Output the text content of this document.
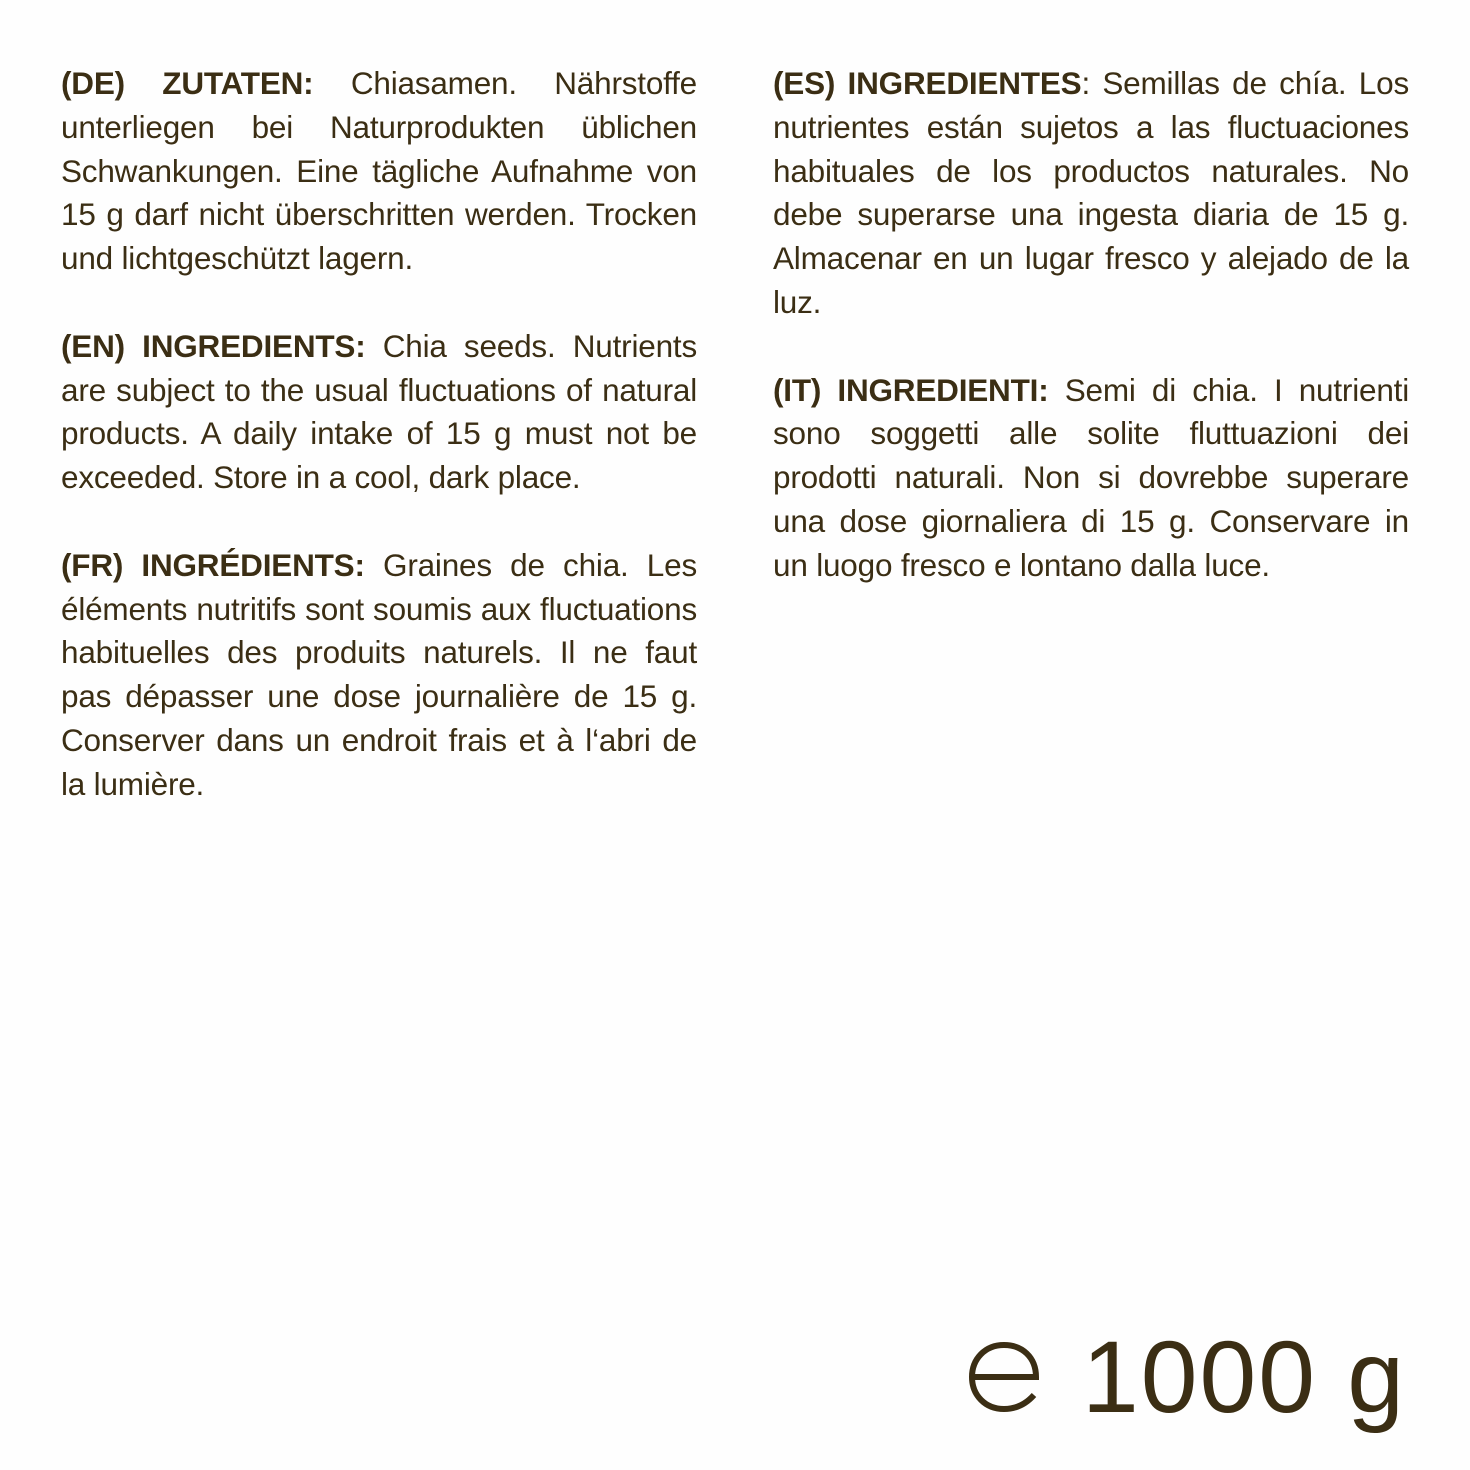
(DE) ZUTATEN: Chiasamen. Nährstoffe unterliegen bei Naturprodukten üblichen Schwankungen. Eine tägliche Aufnahme von 15 g darf nicht überschritten werden. Trocken und lichtgeschützt lagern.

(EN) INGREDIENTS: Chia seeds. Nutrients are subject to the usual fluctuations of natural products. A daily intake of 15 g must not be exceeded. Store in a cool, dark place.

(FR) INGRÉDIENTS: Graines de chia. Les éléments nutritifs sont soumis aux fluctuations habituelles des produits naturels. Il ne faut pas dépasser une dose journalière de 15 g. Conserver dans un endroit frais et à l‘abri de la lumière.

(ES) INGREDIENTES: Semillas de chía. Los nutrientes están sujetos a las fluctuaciones habituales de los productos naturales. No debe superarse una ingesta diaria de 15 g. Almacenar en un lugar fresco y alejado de la luz.

(IT) INGREDIENTI: Semi di chia. I nutrienti sono soggetti alle solite fluttuazioni dei prodotti naturali. Non si dovrebbe superare una dose giornaliera di 15 g. Conservare in un luogo fresco e lontano dalla luce.

1000 g
